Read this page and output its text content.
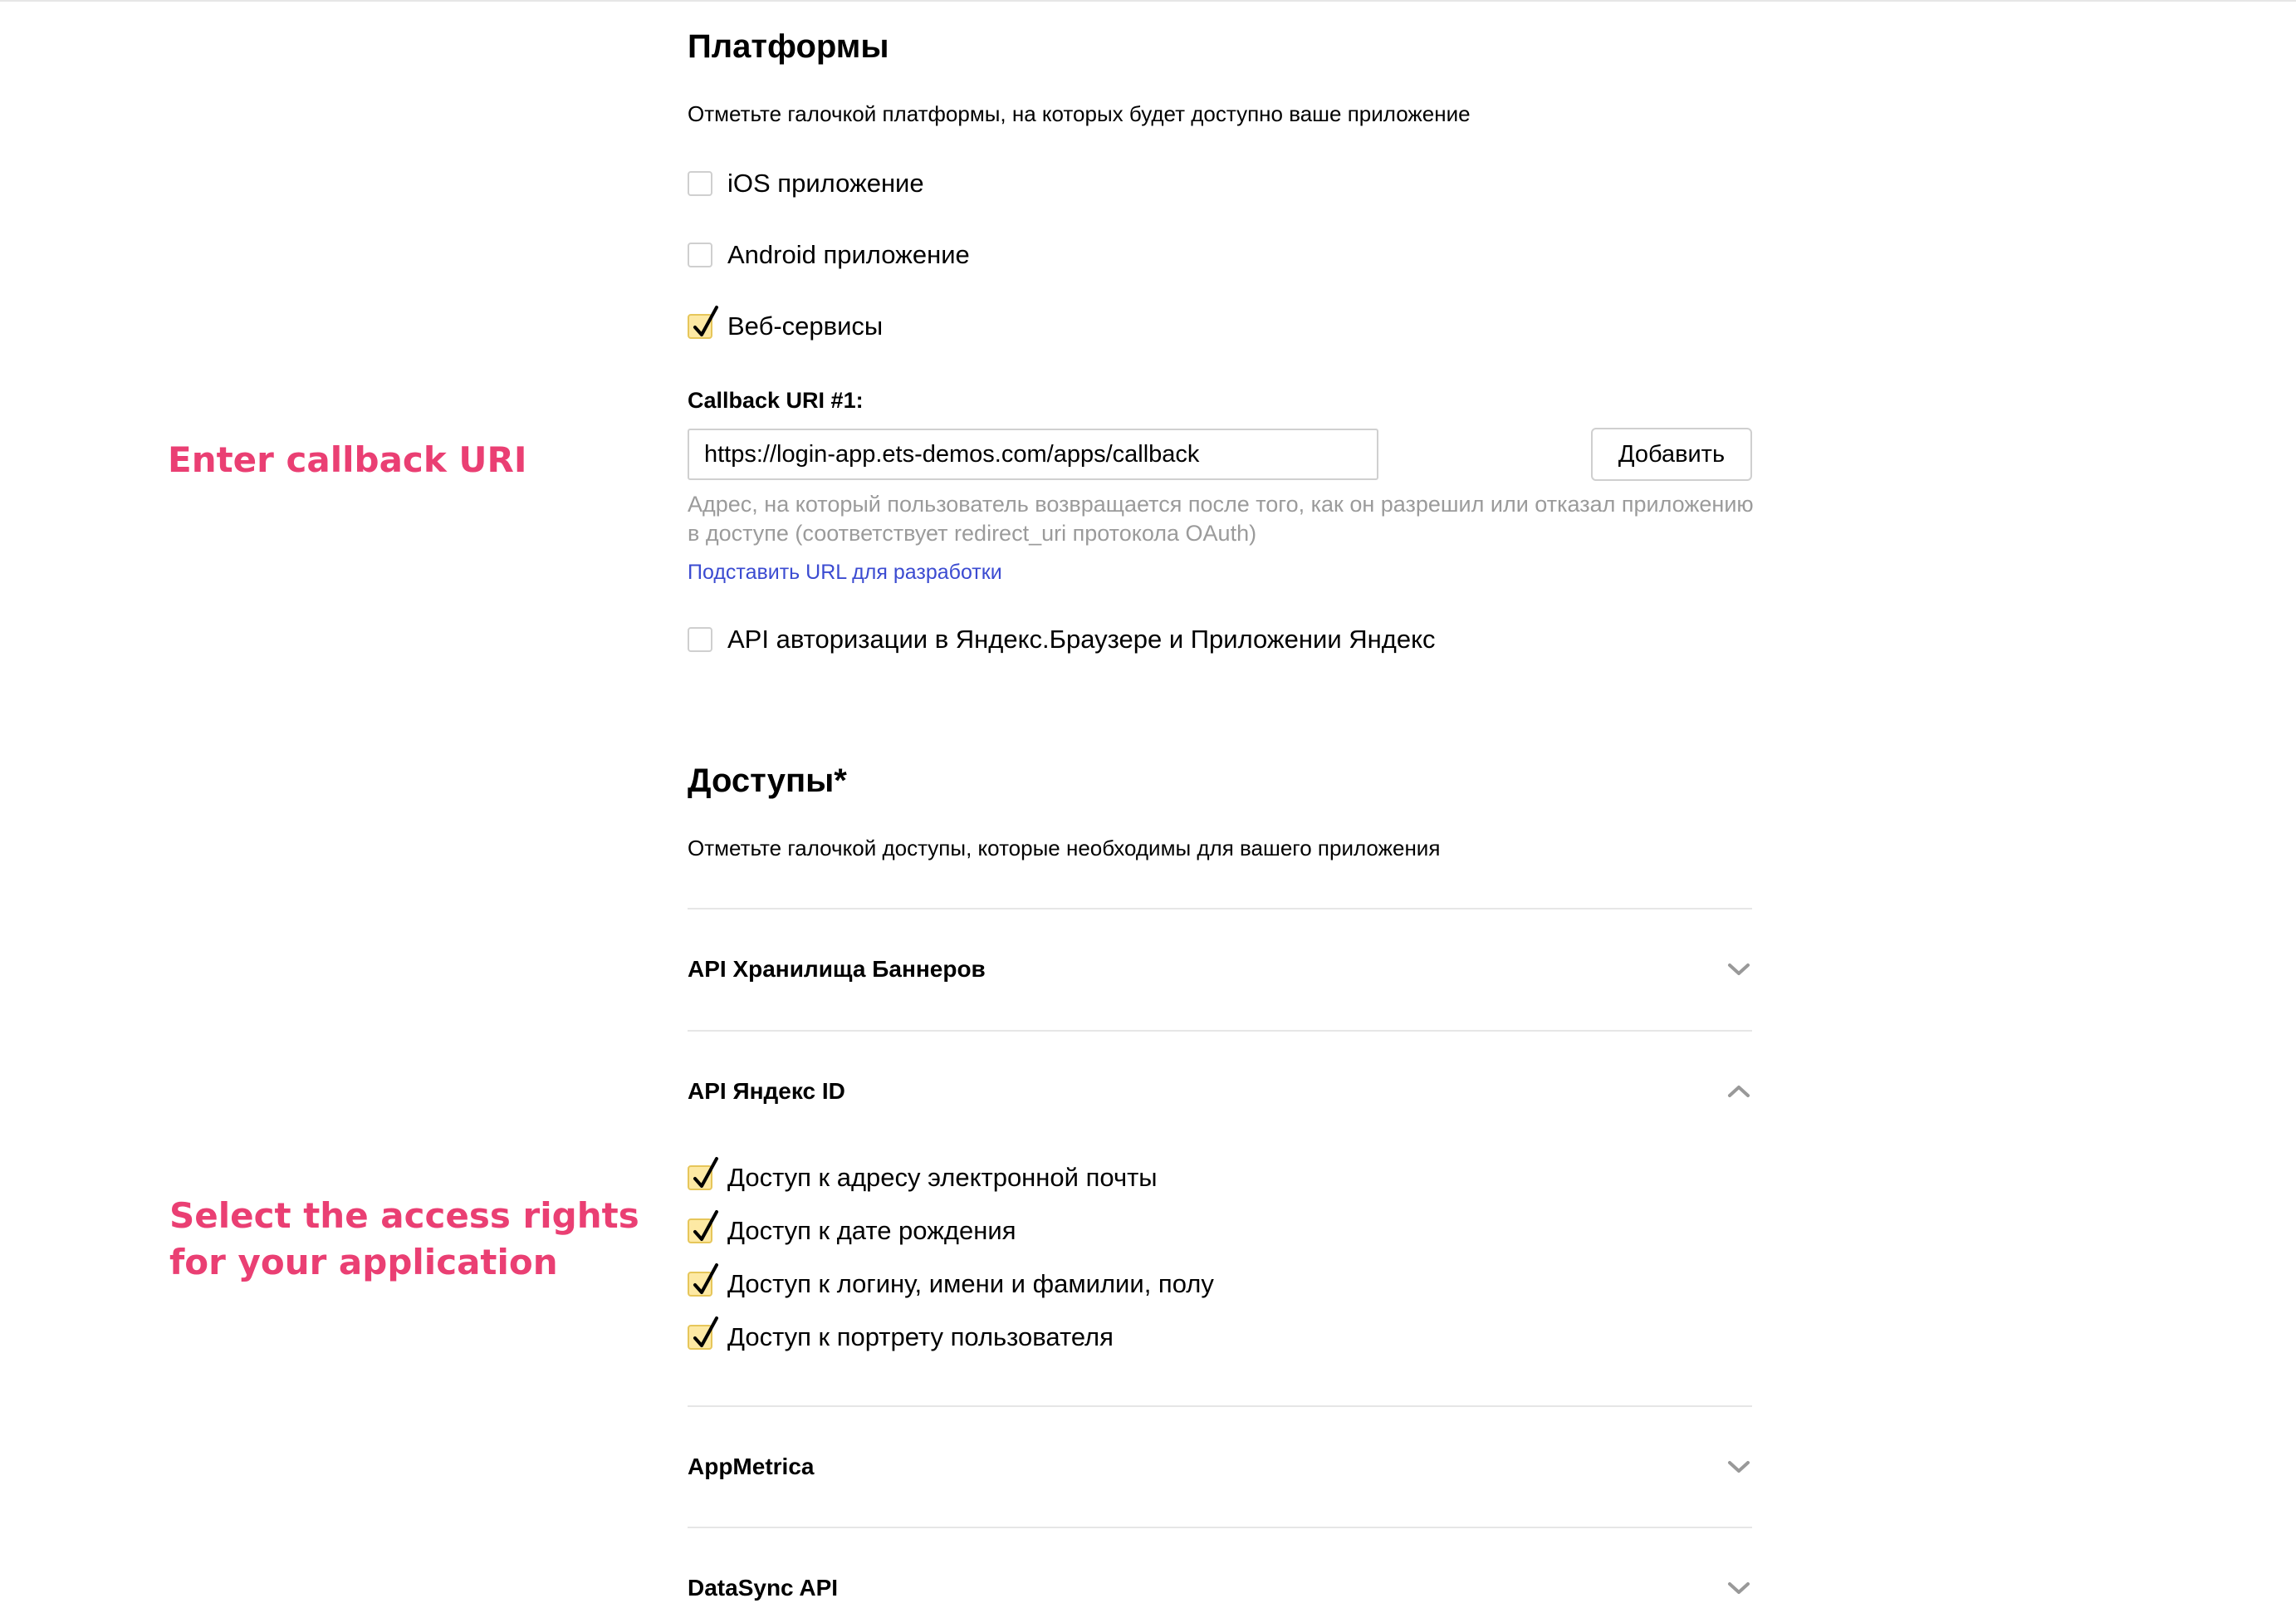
Enter callback URI
Select the access rights
for your application
Платформы
Отметьте галочкой платформы, на которых будет доступно ваше приложение
iOS приложение
Android приложение
Веб-сервисы
Callback URI #1:
https://login-app.ets-demos.com/apps/callback
Добавить
Адрес, на который пользователь возвращается после того, как он разрешил или отказал приложению в доступе (соответствует redirect_uri протокола OAuth)
Подставить URL для разработки
API авторизации в Яндекс.Браузере и Приложении Яндекс
Доступы*
Отметьте галочкой доступы, которые необходимы для вашего приложения
API Хранилища Баннеров
API Яндекс ID
Доступ к адресу электронной почты
Доступ к дате рождения
Доступ к логину, имени и фамилии, полу
Доступ к портрету пользователя
AppMetrica
DataSync API
